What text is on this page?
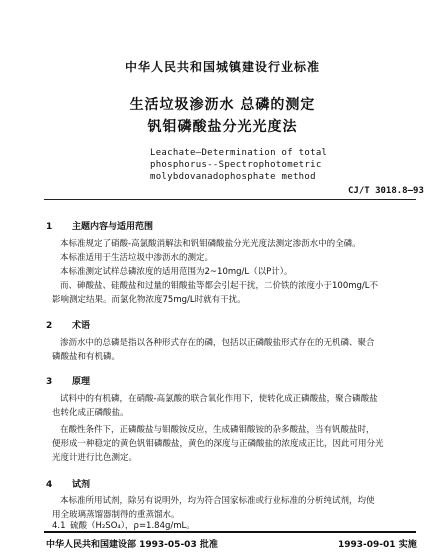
中华人民共和国城镇建设行业标准
生活垃圾渗沥水 总磷的测定
钒钼磷酸盐分光光度法
Leachate—Determination of total
phosphorus--Spectrophotometric
molybdovanadophosphate method
CJ/T 3018.8—93
1 主题内容与适用范围
本标准规定了硝酸-高氯酸消解法和钒钼磷酸盐分光光度法测定渗沥水中的全磷。
本标准适用于生活垃圾中渗沥水的测定。
本标准测定试样总磷浓度的适用范围为2~10mg/L（以P计）。
而、砷酸盐、硅酸盐和过量的钼酸盐等都会引起干扰，二价铁的浓度小于100mg/L不
影响测定结果。而氯化物浓度75mg/L时就有干扰。
2 术语
渗沥水中的总磷是指以各种形式存在的磷，包括以正磷酸盐形式存在的无机磷、聚合
磷酸盐和有机磷。
3 原理
试料中的有机磷，在硝酸-高氯酸的联合氧化作用下，使转化成正磷酸盐，聚合磷酸盐
也转化成正磷酸盐。
在酸性条件下，正磷酸盐与钼酸铵反应，生成磷钼酸铵的杂多酸盐，当有钒酸盐时，
便形成一种稳定的黄色钒钼磷酸盐，黄色的深度与正磷酸盐的浓度成正比，因此可用分光
光度计进行比色测定。
4 试剂
本标准所用试剂，除另有说明外，均为符合国家标准或行业标准的分析纯试剂，均使
用全玻璃蒸馏器制得的重蒸馏水。
4.1 硫酸（H₂SO₄），ρ=1.84g/mL。
中华人民共和国建设部 1993-05-03 批准	1993-09-01 实施
